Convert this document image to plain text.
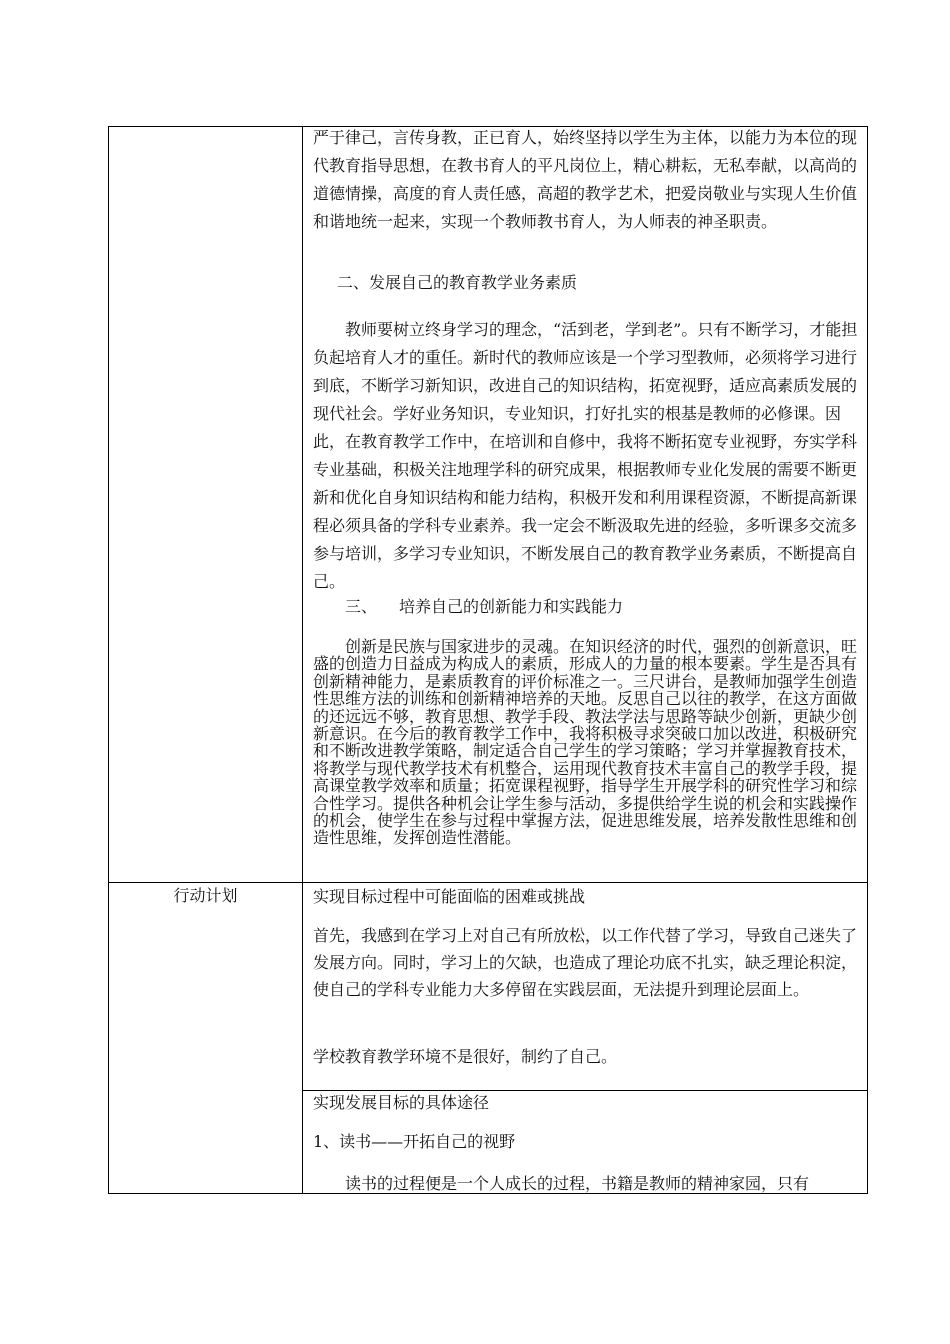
严于律己，言传身教，正已育人，始终坚持以学生为主体，以能力为本位的现代教育指导思想，在教书育人的平凡岗位上，精心耕耘，无私奉献，以高尚的道德情操，高度的育人责任感，高超的教学艺术，把爱岗敬业与实现人生价值和谐地统一起来，实现一个教师教书育人，为人师表的神圣职责。

二、发展自己的教育教学业务素质

教师要树立终身学习的理念，“活到老，学到老”。只有不断学习，才能担负起培育人才的重任。新时代的教师应该是一个学习型教师，必须将学习进行到底，不断学习新知识，改进自己的知识结构，拓宽视野，适应高素质发展的现代社会。学好业务知识，专业知识，打好扎实的根基是教师的必修课。因此，在教育教学工作中，在培训和自修中，我将不断拓宽专业视野，夯实学科专业基础，积极关注地理学科的研究成果，根据教师专业化发展的需要不断更新和优化自身知识结构和能力结构，积极开发和利用课程资源，不断提高新课程必须具备的学科专业素养。我一定会不断汲取先进的经验，多听课多交流多参与培训，多学习专业知识，不断发展自己的教育教学业务素质，不断提高自己。

三、 培养自己的创新能力和实践能力

创新是民族与国家进步的灵魂。在知识经济的时代，强烈的创新意识，旺盛的创造力日益成为构成人的素质，形成人的力量的根本要素。学生是否具有创新精神能力，是素质教育的评价标准之一。三尺讲台，是教师加强学生创造性思维方法的训练和创新精神培养的天地。反思自己以往的教学，在这方面做的还远远不够，教育思想、教学手段、教法学法与思路等缺少创新，更缺少创新意识。在今后的教育教学工作中，我将积极寻求突破口加以改进，积极研究和不断改进教学策略，制定适合自己学生的学习策略；学习并掌握教育技术，将教学与现代教学技术有机整合，运用现代教育技术丰富自己的教学手段，提高课堂教学效率和质量；拓宽课程视野，指导学生开展学科的研究性学习和综合性学习。提供各种机会让学生参与活动，多提供给学生说的机会和实践操作的机会，使学生在参与过程中掌握方法，促进思维发展，培养发散性思维和创造性思维，发挥创造性潜能。

行动计划	实现目标过程中可能面临的困难或挑战

首先，我感到在学习上对自己有所放松，以工作代替了学习，导致自己迷失了发展方向。同时，学习上的欠缺，也造成了理论功底不扎实，缺乏理论积淀，使自己的学科专业能力大多停留在实践层面，无法提升到理论层面上。

学校教育教学环境不是很好，制约了自己。

实现发展目标的具体途径

1、读书——开拓自己的视野

读书的过程便是一个人成长的过程，书籍是教师的精神家园，只有
